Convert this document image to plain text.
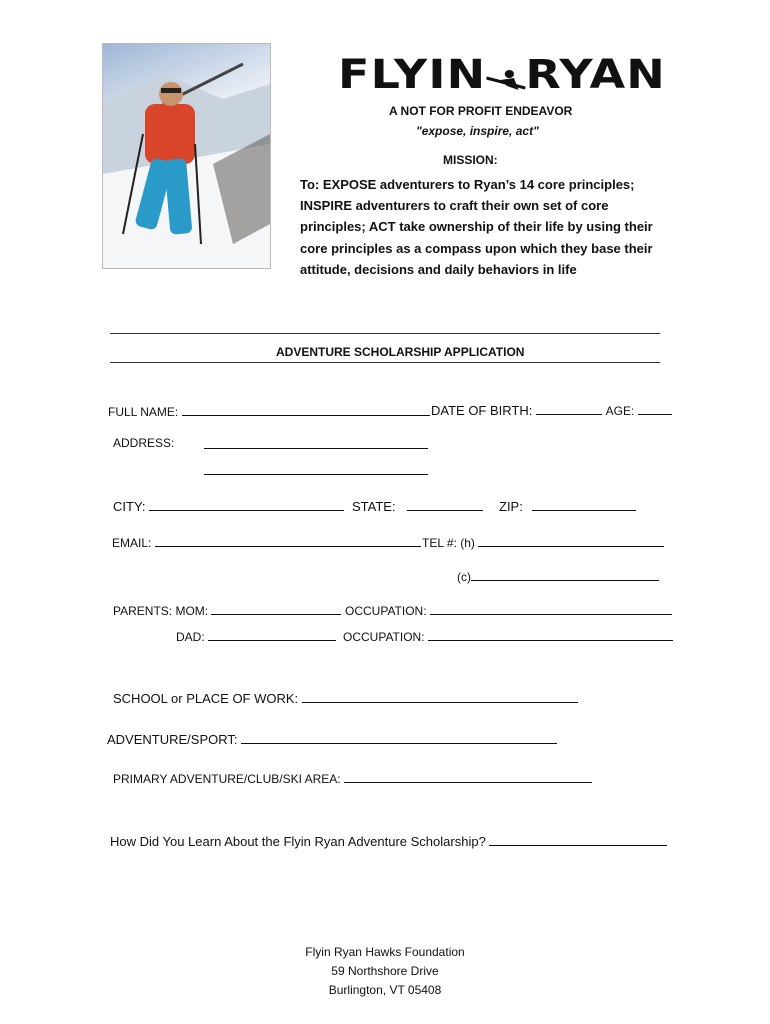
FLYIN RYAN
A NOT FOR PROFIT ENDEAVOR
"expose, inspire, act"
MISSION:
To: EXPOSE adventurers to Ryan’s 14 core principles;
INSPIRE adventurers to craft their own set of core
principles; ACT take ownership of their life by using their
core principles as a compass upon which they base their
attitude, decisions and daily behaviors in life
ADVENTURE SCHOLARSHIP APPLICATION
FULL NAME:	DATE OF BIRTH:	AGE:
ADDRESS:
CITY:	STATE:	ZIP:
EMAIL:	TEL #: (h)
(c)
PARENTS: MOM:	OCCUPATION:
DAD:	OCCUPATION:
SCHOOL or PLACE OF WORK:
ADVENTURE/SPORT:
PRIMARY ADVENTURE/CLUB/SKI AREA:
How Did You Learn About the Flyin Ryan Adventure Scholarship?
Flyin Ryan Hawks Foundation
59 Northshore Drive
Burlington, VT 05408
